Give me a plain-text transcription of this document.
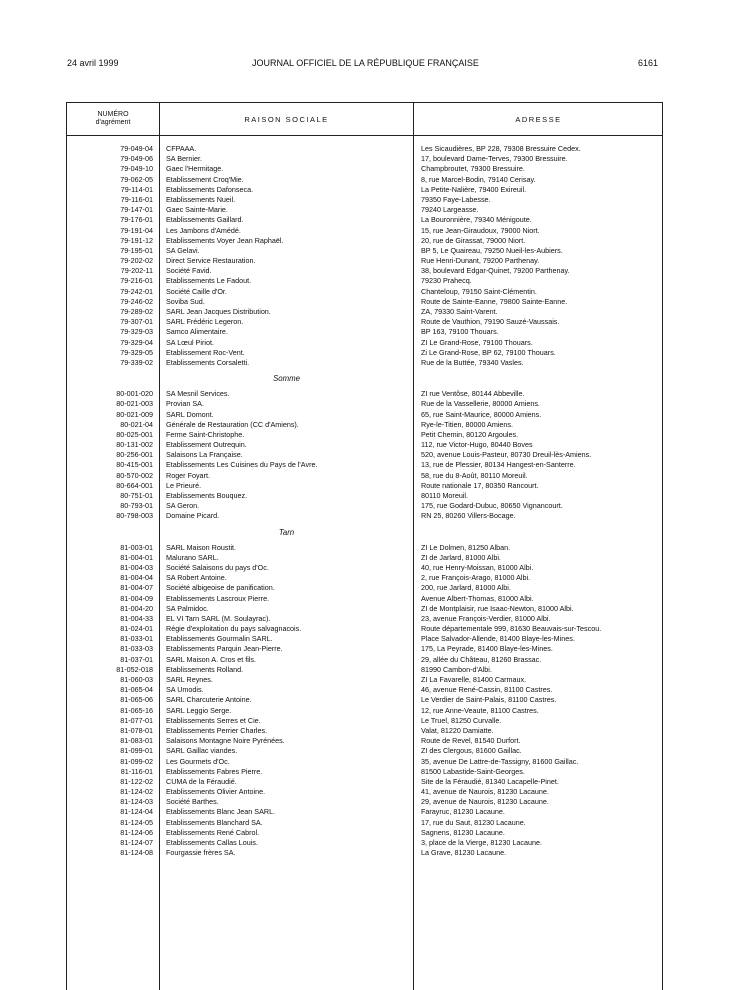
24 avril 1999	JOURNAL OFFICIEL DE LA RÉPUBLIQUE FRANÇAISE	6161
NUMÉRO
d'agrément	RAISON SOCIALE	ADRESSE
79-049-04 CFPAAA.	Les Sicaudières, BP 228, 79308 Bressuire Cedex.
79-049-06 SA Bernier.	17, boulevard Dame-Terves, 79300 Bressuire.
79-049-10 Gaec l'Hermitage.	Champbroutet, 79300 Bressuire.
79-062-05 Etablissement Croq'Mie.	8, rue Marcel-Bodin, 79140 Cerisay.
79-114-01 Etablissements Dafonseca.	La Petite-Nalière, 79400 Exireuil.
79-116-01 Etablissements Nueil.	79350 Faye-Labesse.
79-147-01 Gaec Sainte-Marie.	79240 Largeasse.
79-176-01 Etablissements Gaillard.	La Bouronnière, 79340 Ménigoute.
79-191-04 Les Jambons d'Amédé.	15, rue Jean-Giraudoux, 79000 Niort.
79-191-12 Etablissements Voyer Jean Raphaël.	20, rue de Girassat, 79000 Niort.
79-195-01 SA Gelavi.	BP 5, Le Quaireau, 79250 Nueil-les-Aubiers.
79-202-02 Direct Service Restauration.	Rue Henri-Dunant, 79200 Parthenay.
79-202-11 Société Favid.	38, boulevard Edgar-Quinet, 79200 Parthenay.
79-216-01 Etablissements Le Fadout.	79230 Prahecq.
79-242-01 Société Caille d'Or.	Chanteloup, 79150 Saint-Clémentin.
79-246-02 Soviba Sud.	Route de Sainte-Eanne, 79800 Sainte-Eanne.
79-289-02 SARL Jean Jacques Distribution.	ZA, 79330 Saint-Varent.
79-307-01 SARL Frédéric Legeron.	Route de Vauthion, 79190 Sauzé-Vaussais.
79-329-03 Samco Alimentaire.	BP 163, 79100 Thouars.
79-329-04 SA Lœul Piriot.	ZI Le Grand-Rose, 79100 Thouars.
79-329-05 Etablissement Roc-Vent.	Zi Le Grand-Rose, BP 62, 79100 Thouars.
79-339-02 Etablissements Corsaletti.	Rue de la Buttée, 79340 Vasles.
Somme
80-001-020 SA Mesnil Services.	ZI rue Ventôse, 80144 Abbeville.
80-021-003 Provian SA.	Rue de la Vassellerie, 80000 Amiens.
80-021-009 SARL Domont.	65, rue Saint-Maurice, 80000 Amiens.
80-021-04 Générale de Restauration (CC d'Amiens).	Rye-le-Titien, 80000 Amiens.
80-025-001 Ferme Saint-Christophe.	Petit Chemin, 80120 Argoules.
80-131-002 Etablissement Outrequin.	112, rue Victor-Hugo, 80440 Boves
80-256-001 Salaisons La Française.	520, avenue Louis-Pasteur, 80730 Dreuil-lès-Amiens.
80-415-001 Etablissements Les Cuisines du Pays de l'Avre.	13, rue de Plessier, 80134 Hangest-en-Santerre.
80-570-002 Roger Foyart.	58, rue du 8-Août, 80110 Moreuil.
80-664-001 Le Prieuré.	Route nationale 17, 80350 Rancourt.
80-751-01 Etablissements Bouquez.	80110 Moreuil.
80-793-01 SA Geron.	175, rue Godard-Dubuc, 80650 Vignancourt.
80-798-003 Domaine Picard.	RN 25, 80260 Villers-Bocage.
Tarn
81-003-01 SARL Maison Roustit.	ZI Le Dolmen, 81250 Alban.
81-004-01 Malurano SARL.	ZI de Jarlard, 81000 Albi.
81-004-03 Société Salaisons du pays d'Oc.	40, rue Henry-Moissan, 81000 Albi.
81-004-04 SA Robert Antoine.	2, rue François-Arago, 81000 Albi.
81-004-07 Société albigeoise de panification.	200, rue Jarlard, 81000 Albi.
81-004-09 Etablissements Lascroux Pierre.	Avenue Albert-Thomas, 81000 Albi.
81-004-20 SA Palmidoc.	ZI de Montplaisir, rue Isaac-Newton, 81000 Albi.
81-004-33 EL VI Tarn SARL (M. Soulayrac).	23, avenue François-Verdier, 81000 Albi.
81-024-01 Régie d'exploitation du pays salvagnacois.	Route départementale 999, 81630 Beauvais-sur-Tescou.
81-033-01 Etablissements Gourmalin SARL.	Place Salvador-Allende, 81400 Blaye-les-Mines.
81-033-03 Etablissements Parquin Jean-Pierre.	175, La Peyrade, 81400 Blaye-les-Mines.
81-037-01 SARL Maison A. Cros et fils.	29, allée du Château, 81260 Brassac.
81-052-018 Etablissements Rolland.	81990 Cambon-d'Albi.
81-060-03 SARL Reynes.	ZI La Favarelle, 81400 Carmaux.
81-065-04 SA Umodis.	46, avenue René-Cassin, 81100 Castres.
81-065-06 SARL Charcuterie Antoine.	Le Verdier de Saint-Palais, 81100 Castres.
81-065-16 SARL Leggio Serge.	12, rue Anne-Veaute, 81100 Castres.
81-077-01 Etablissements Serres et Cie.	Le Truel, 81250 Curvalle.
81-078-01 Etablissements Perrier Charles.	Valat, 81220 Damiatte.
81-083-01 Salaisons Montagne Noire Pyrénées.	Route de Revel, 81540 Durfort.
81-099-01 SARL Gaillac viandes.	ZI des Clergous, 81600 Gaillac.
81-099-02 Les Gourmets d'Oc.	35, avenue De Lattre-de-Tassigny, 81600 Gaillac.
81-116-01 Etablissements Fabres Pierre.	81500 Labastide-Saint-Georges.
81-122-02 CUMA de la Féraudié.	Site de la Féraudié, 81340 Lacapelle-Pinet.
81-124-02 Etablissements Olivier Antoine.	41, avenue de Naurois, 81230 Lacaune.
81-124-03 Société Barthes.	29, avenue de Naurois, 81230 Lacaune.
81-124-04 Etablissements Blanc Jean SARL.	Farayruc, 81230 Lacaune.
81-124-05 Etablissements Blanchard SA.	17, rue du Saut, 81230 Lacaune.
81-124-06 Etablissements René Cabrol.	Sagnens, 81230 Lacaune.
81-124-07 Etablissements Callas Louis.	3, place de la Vierge, 81230 Lacaune.
81-124-08 Fourgassie frères SA.	La Grave, 81230 Lacaune.
